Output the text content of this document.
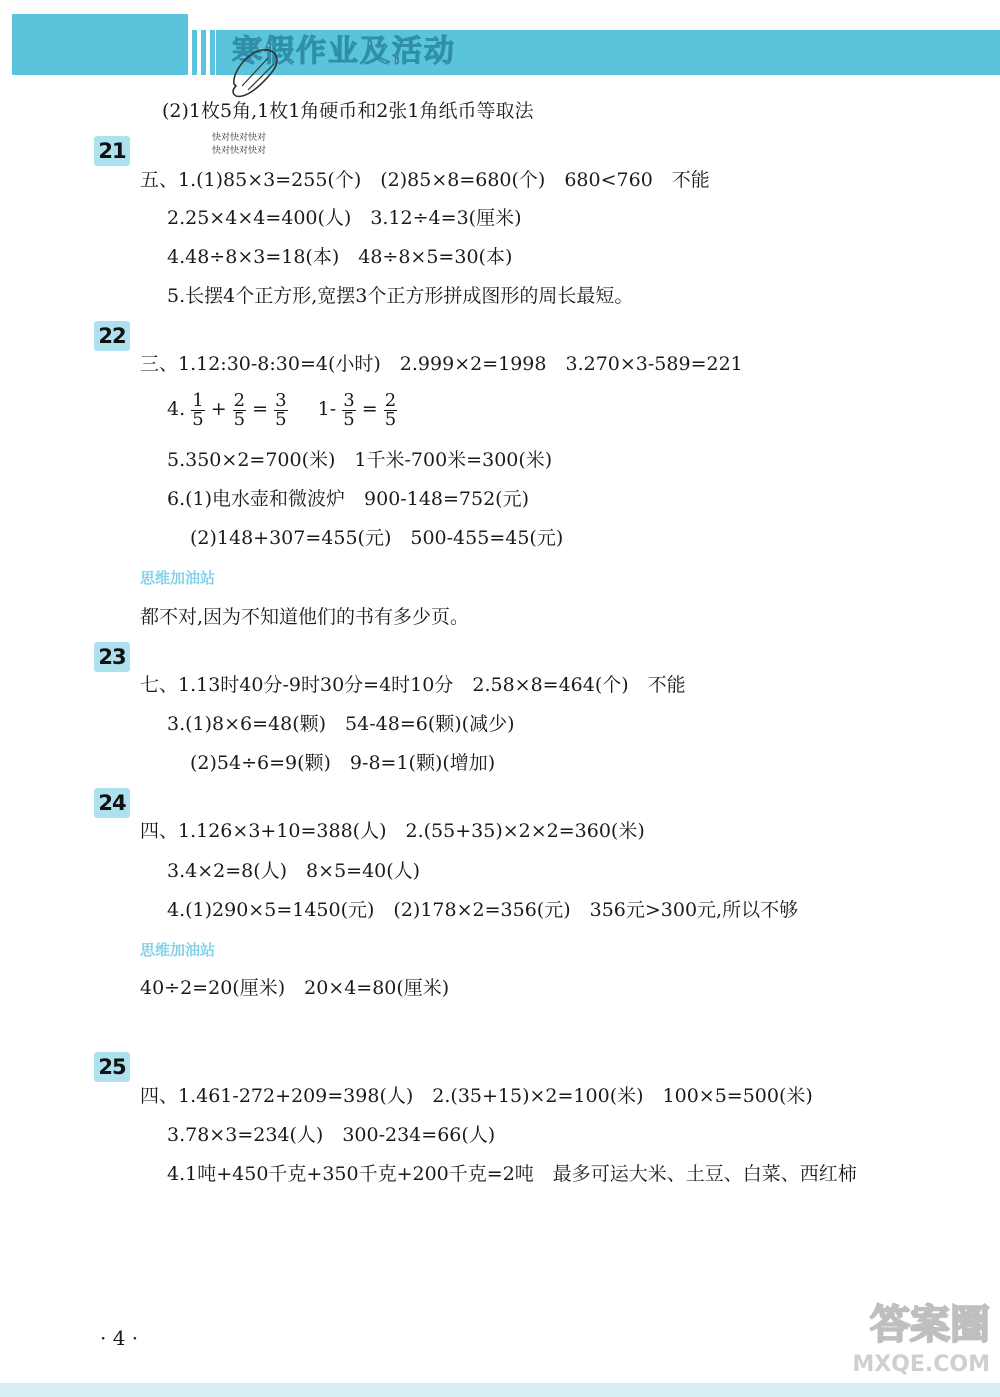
寒假作业及活动
(2)1枚5角,1枚1角硬币和2张1角纸币等取法
21
快对快对快对
快对快对快对
五、1.(1)85×3=255(个)　(2)85×8=680(个)　680<760　不能
2.25×4×4=400(人)　3.12÷4=3(厘米)
4.48÷8×3=18(本)　48÷8×5=30(本)
5.长摆4个正方形,宽摆3个正方形拼成图形的周长最短。
22
三、1.12:30-8:30=4(小时)　2.999×2=1998　3.270×3-589=221
4. $\frac{1}{5} + \frac{2}{5} = \frac{3}{5} 1- \frac{3}{5} = \frac{2}{5}$
5.350×2=700(米)　1千米-700米=300(米)
6.(1)电水壶和微波炉　900-148=752(元)
(2)148+307=455(元)　500-455=45(元)
思维加油站
都不对,因为不知道他们的书有多少页。
23
七、1.13时40分-9时30分=4时10分　2.58×8=464(个)　不能
3.(1)8×6=48(颗)　54-48=6(颗)(减少)
(2)54÷6=9(颗)　9-8=1(颗)(增加)
24
四、1.126×3+10=388(人)　2.(55+35)×2×2=360(米)
3.4×2=8(人)　8×5=40(人)
4.(1)290×5=1450(元)　(2)178×2=356(元)　356元>300元,所以不够
思维加油站
40÷2=20(厘米)　20×4=80(厘米)
25
四、1.461-272+209=398(人)　2.(35+15)×2=100(米)　100×5=500(米)
3.78×3=234(人)　300-234=66(人)
4.1吨+450千克+350千克+200千克=2吨　最多可运大米、土豆、白菜、西红柿
· 4 ·	答案圈
MXQE.COM
